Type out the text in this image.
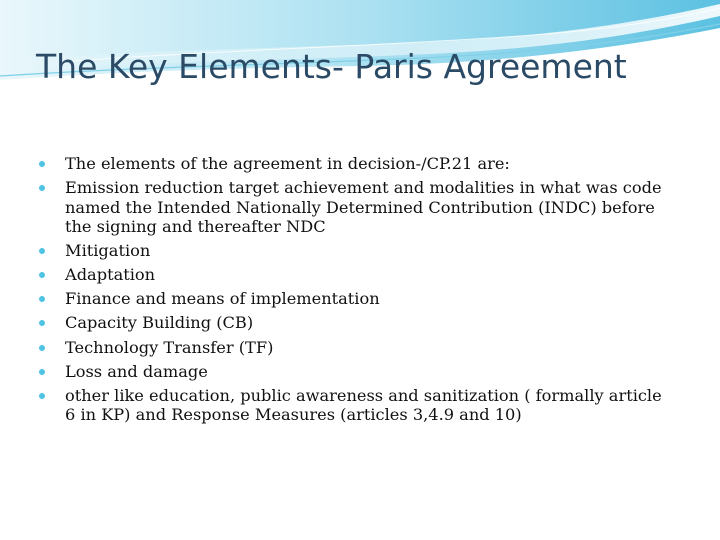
The Key Elements- Paris Agreement
The elements of the agreement in decision-/CP.21 are:
Emission reduction target achievement and modalities in what was code named the Intended Nationally Determined Contribution (INDC) before the signing and thereafter NDC
Mitigation
Adaptation
Finance and means of implementation
Capacity Building (CB)
Technology Transfer (TF)
Loss and damage
other like education, public awareness and sanitization ( formally article 6 in KP) and Response Measures (articles 3,4.9 and 10)
